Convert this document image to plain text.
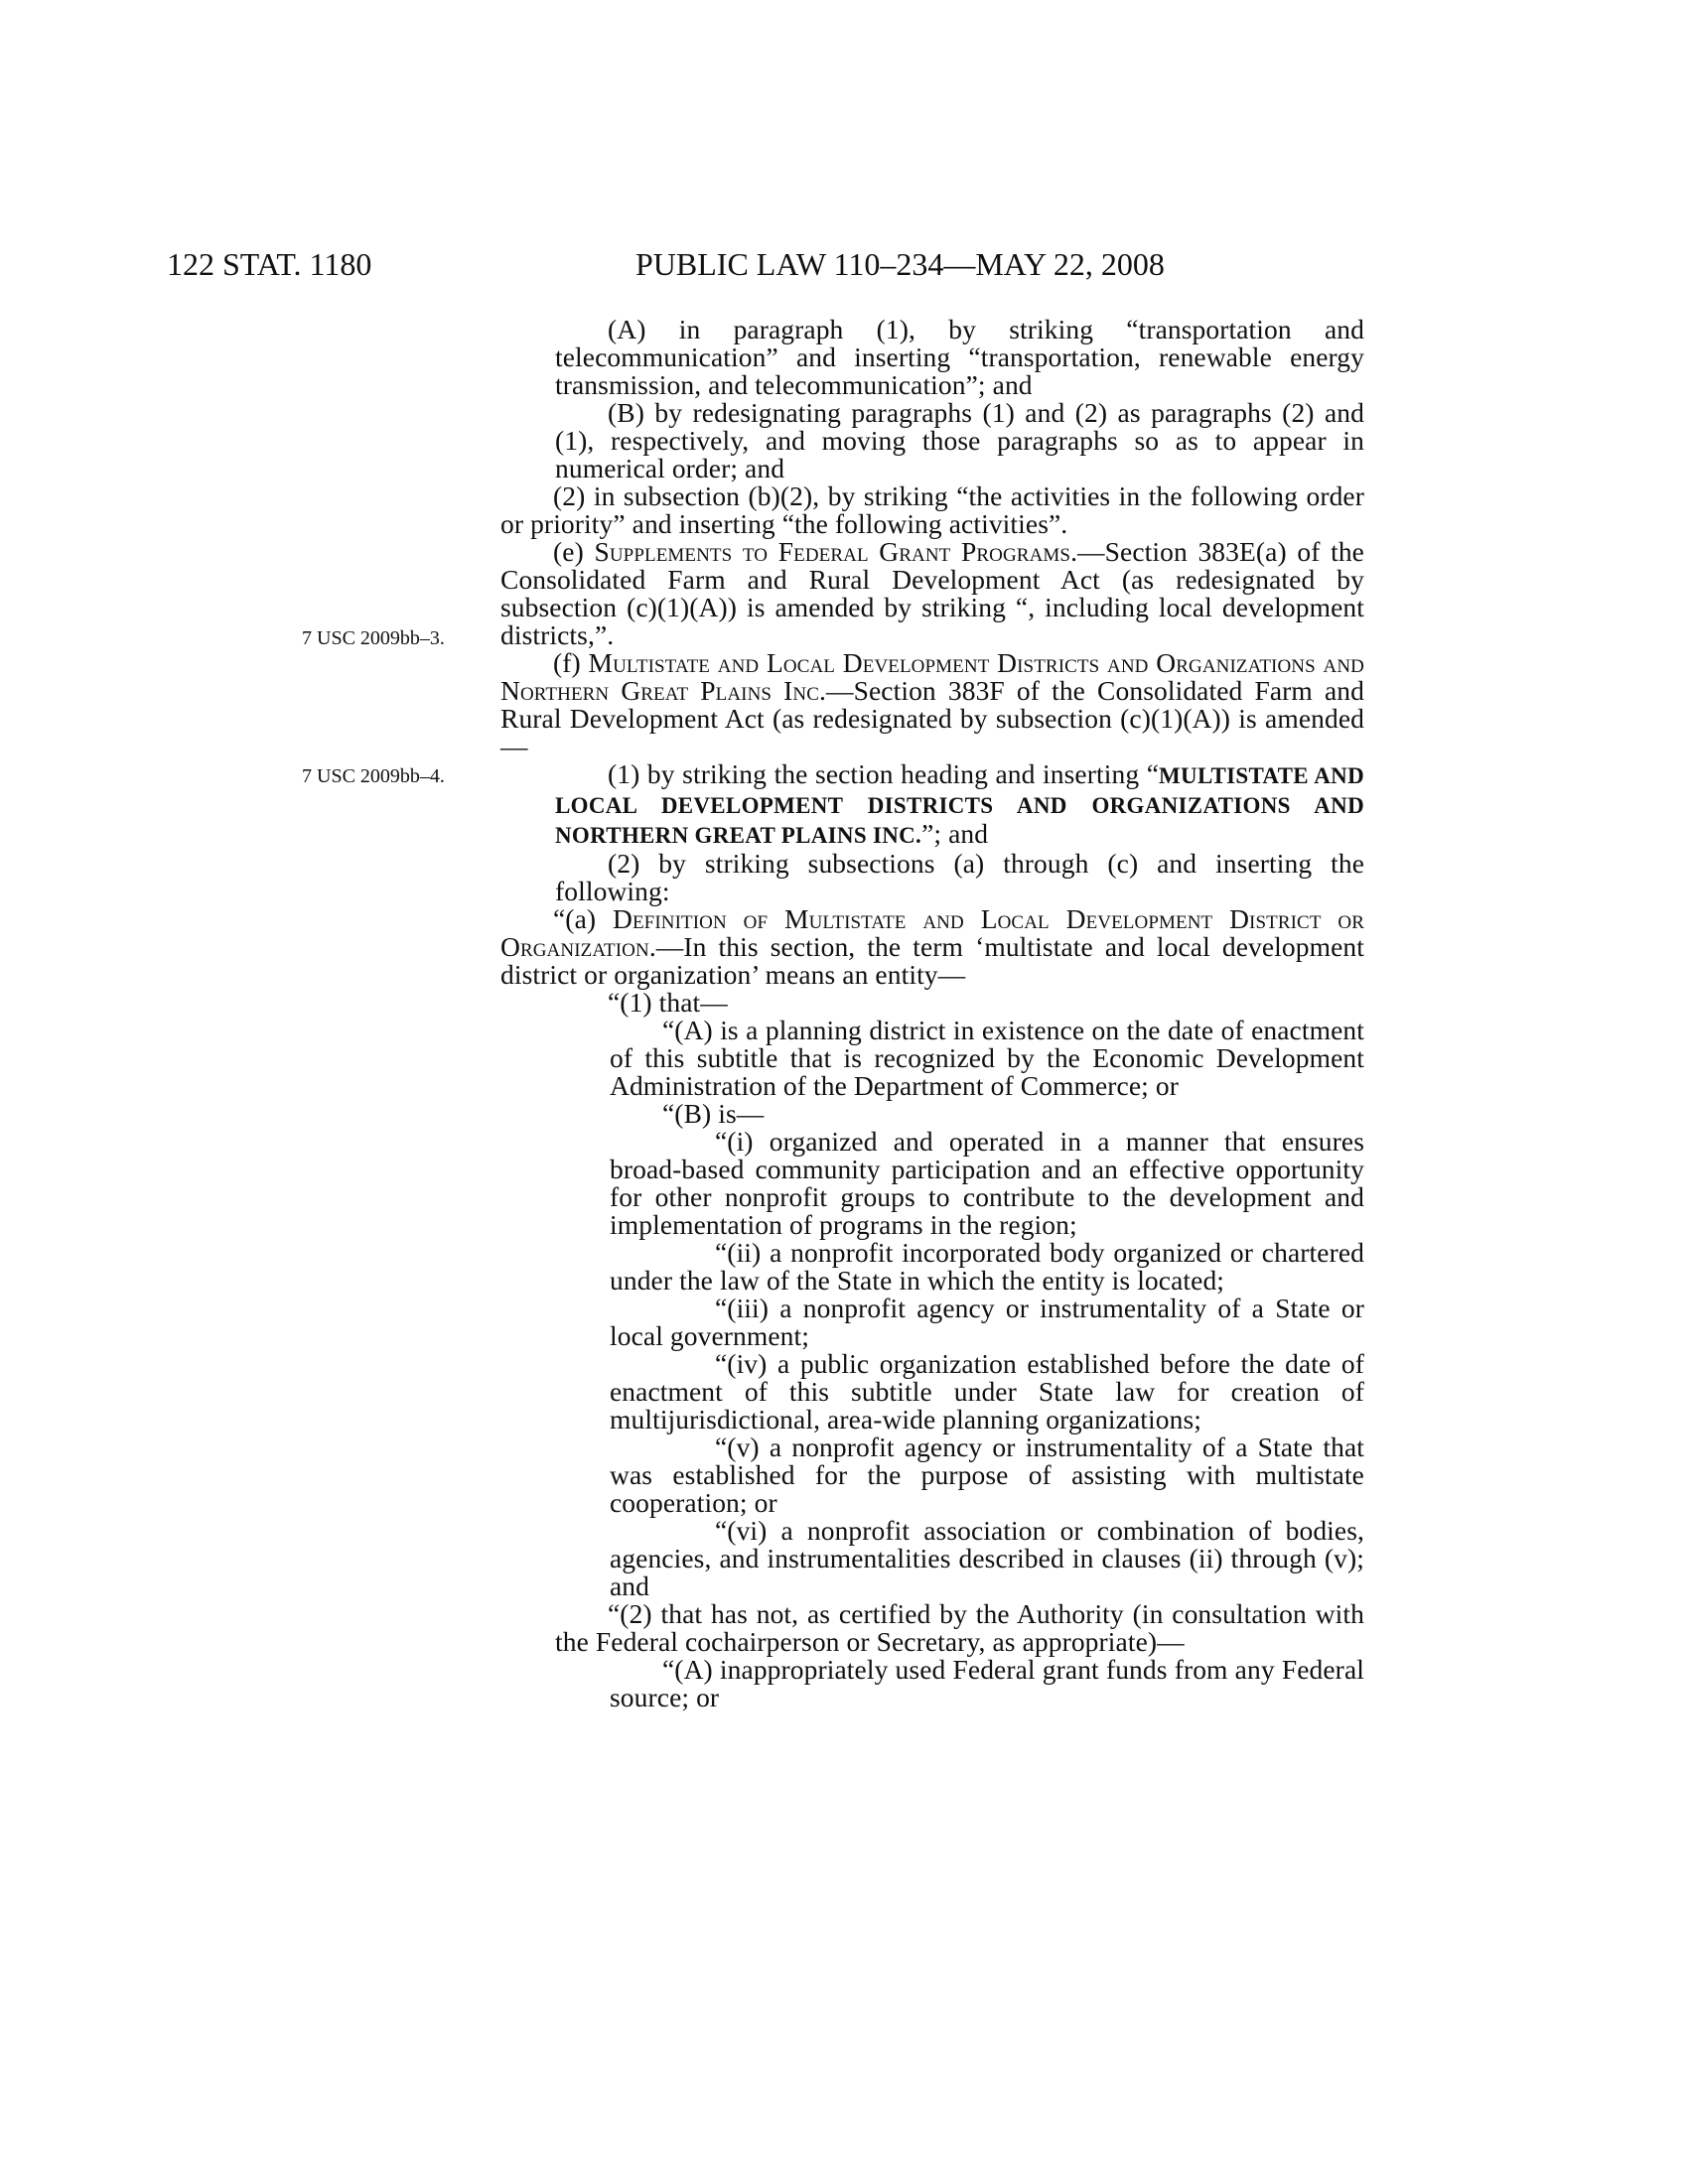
122 STAT. 1180	PUBLIC LAW 110–234—MAY 22, 2008
7 USC 2009bb–3.
7 USC 2009bb–4.

(A) in paragraph (1), by striking “transportation and telecommunication” and inserting “transportation, renewable energy transmission, and telecommunication”; and

(B) by redesignating paragraphs (1) and (2) as paragraphs (2) and (1), respectively, and moving those paragraphs so as to appear in numerical order; and

(2) in subsection (b)(2), by striking “the activities in the following order or priority” and inserting “the following activities”.

(e) Supplements to Federal Grant Programs.—Section 383E(a) of the Consolidated Farm and Rural Development Act (as redesignated by subsection (c)(1)(A)) is amended by striking “, including local development districts,”.

(f) Multistate and Local Development Districts and Organizations and Northern Great Plains Inc.—Section 383F of the Consolidated Farm and Rural Development Act (as redesignated by subsection (c)(1)(A)) is amended—

(1) by striking the section heading and inserting “MULTISTATE AND LOCAL DEVELOPMENT DISTRICTS AND ORGANIZATIONS AND NORTHERN GREAT PLAINS INC.”; and

(2) by striking subsections (a) through (c) and inserting the following:

“(a) Definition of Multistate and Local Development District or Organization.—In this section, the term ‘multistate and local development district or organization’ means an entity—

“(1) that—

“(A) is a planning district in existence on the date of enactment of this subtitle that is recognized by the Economic Development Administration of the Department of Commerce; or

“(B) is—

“(i) organized and operated in a manner that ensures broad-based community participation and an effective opportunity for other nonprofit groups to contribute to the development and implementation of programs in the region;

“(ii) a nonprofit incorporated body organized or chartered under the law of the State in which the entity is located;

“(iii) a nonprofit agency or instrumentality of a State or local government;

“(iv) a public organization established before the date of enactment of this subtitle under State law for creation of multijurisdictional, area-wide planning organizations;

“(v) a nonprofit agency or instrumentality of a State that was established for the purpose of assisting with multistate cooperation; or

“(vi) a nonprofit association or combination of bodies, agencies, and instrumentalities described in clauses (ii) through (v); and

“(2) that has not, as certified by the Authority (in consultation with the Federal cochairperson or Secretary, as appropriate)—

“(A) inappropriately used Federal grant funds from any Federal source; or
